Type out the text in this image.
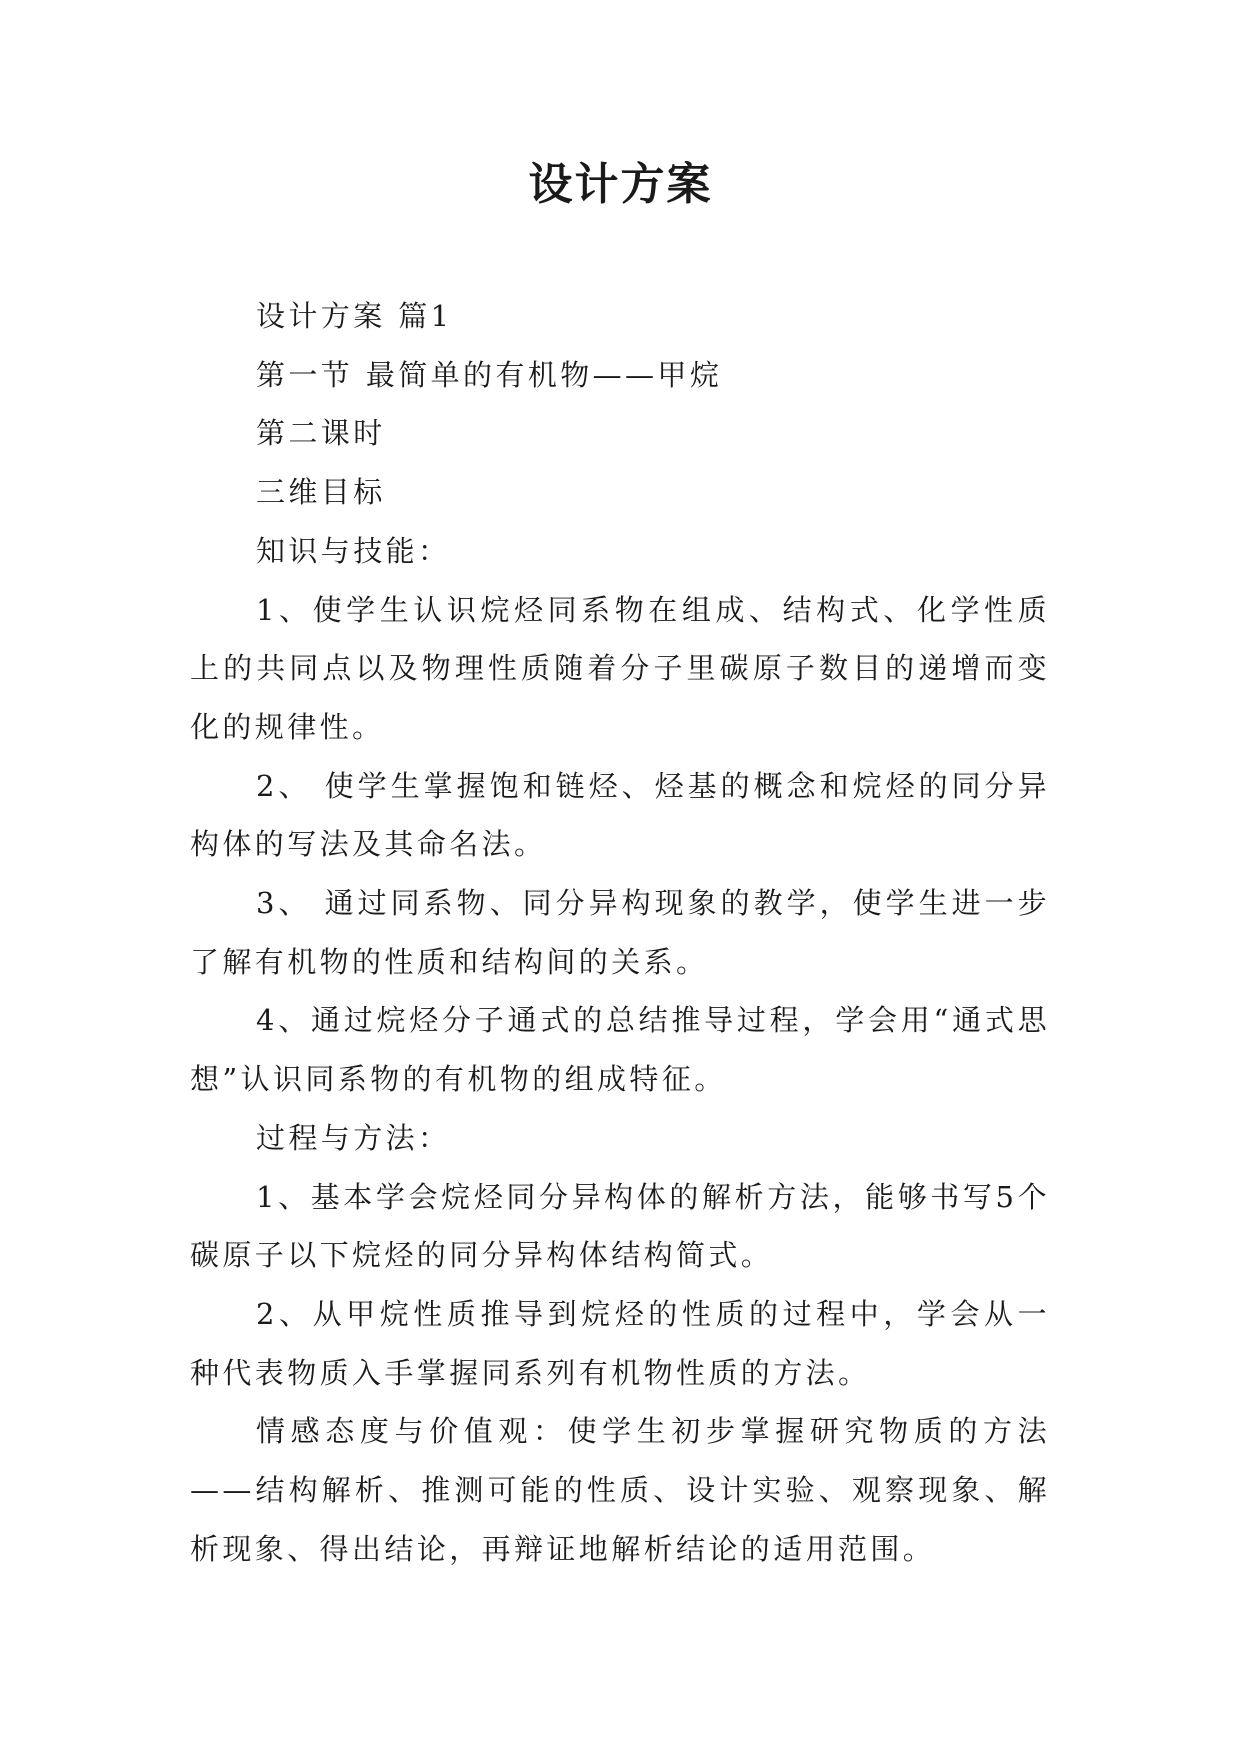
设计方案

设计方案 篇1

第一节 最简单的有机物——甲烷

第二课时

三维目标

知识与技能：

1、使学生认识烷烃同系物在组成、结构式、化学性质上的共同点以及物理性质随着分子里碳原子数目的递增而变化的规律性。

2、 使学生掌握饱和链烃、烃基的概念和烷烃的同分异构体的写法及其命名法。

3、 通过同系物、同分异构现象的教学，使学生进一步了解有机物的性质和结构间的关系。

4、通过烷烃分子通式的总结推导过程，学会用“通式思想”认识同系物的有机物的组成特征。

过程与方法：

1、基本学会烷烃同分异构体的解析方法，能够书写5个碳原子以下烷烃的同分异构体结构简式。

2、从甲烷性质推导到烷烃的性质的过程中，学会从一种代表物质入手掌握同系列有机物性质的方法。

情感态度与价值观：使学生初步掌握研究物质的方法——结构解析、推测可能的性质、设计实验、观察现象、解析现象、得出结论，再辩证地解析结论的适用范围。
